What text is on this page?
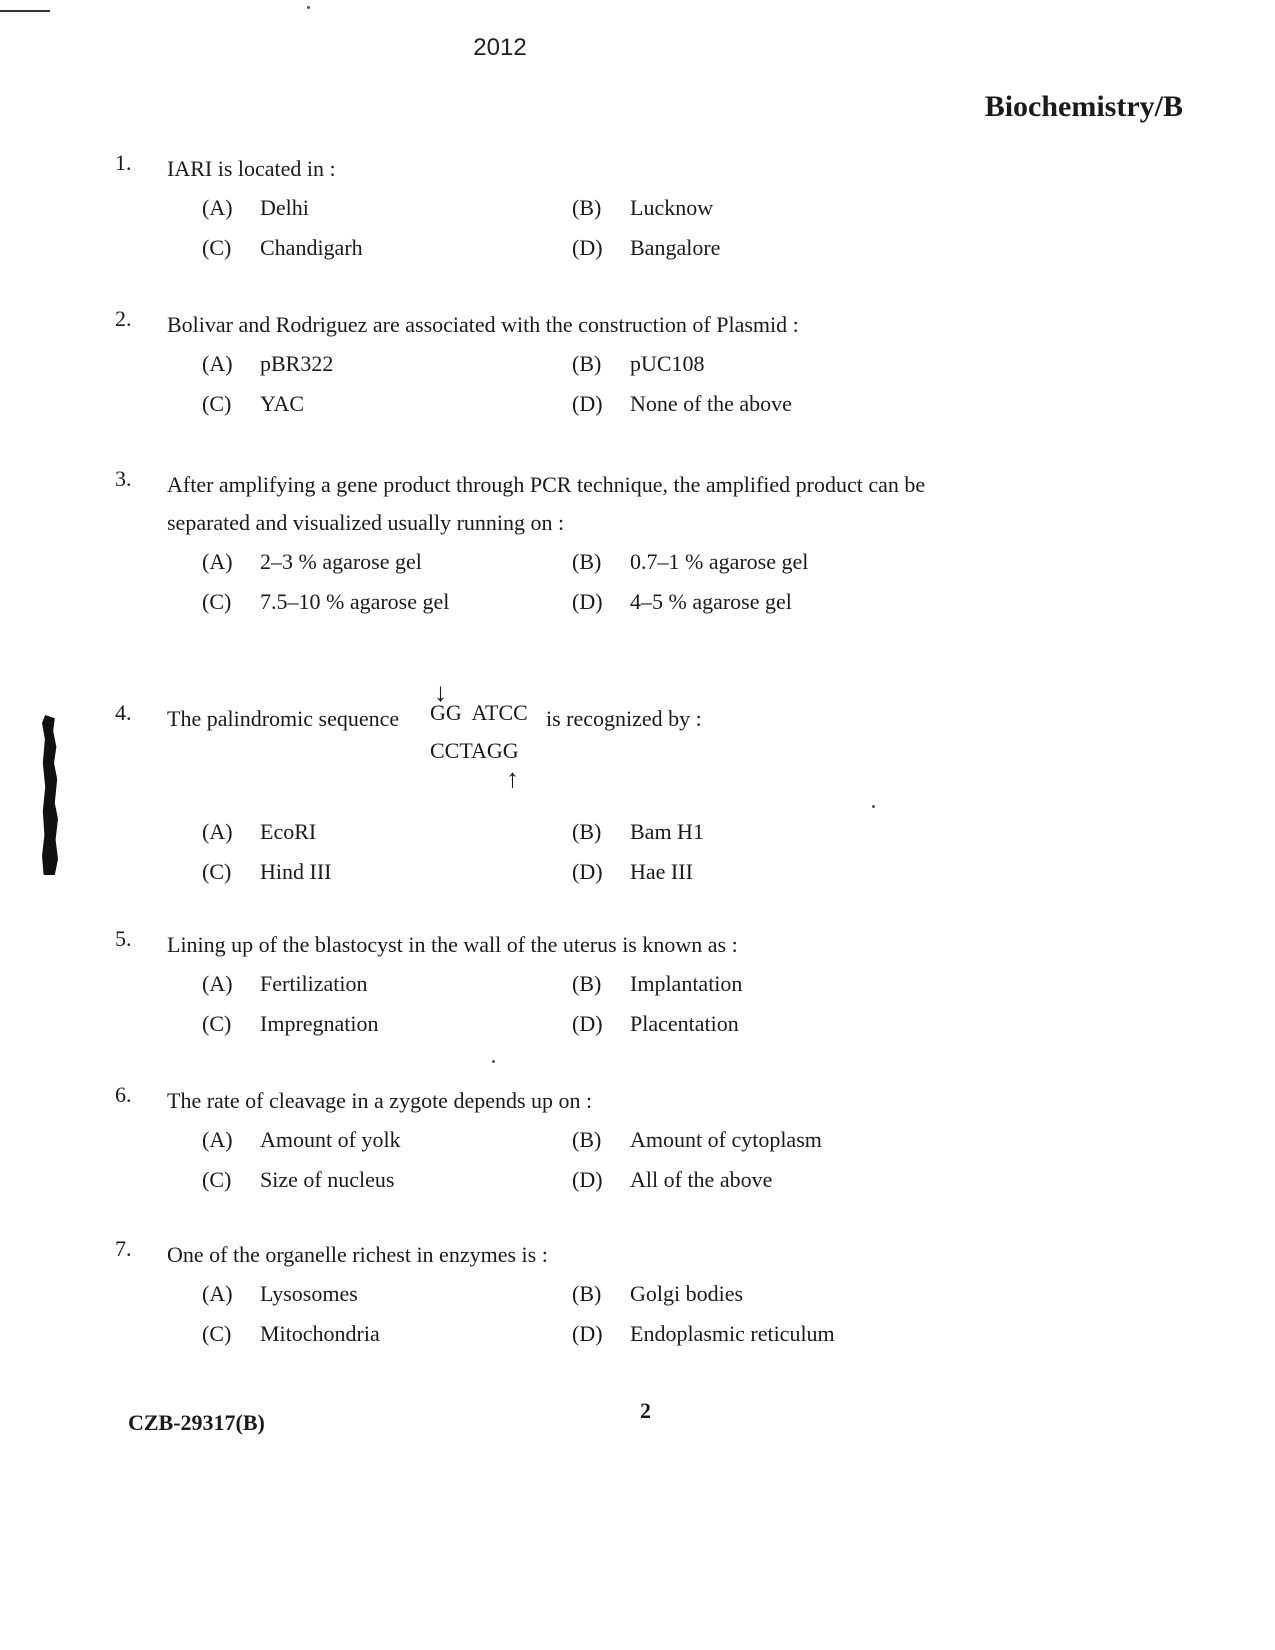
2012
Biochemistry/B
1. IARI is located in :
(A) Delhi	(B) Lucknow
(C) Chandigarh	(D) Bangalore
2. Bolivar and Rodriguez are associated with the construction of Plasmid :
(A) pBR322	(B) pUC108
(C) YAC	(D) None of the above
3. After amplifying a gene product through PCR technique, the amplified product can be separated and visualized usually running on :
(A) 2–3 % agarose gel	(B) 0.7–1 % agarose gel
(C) 7.5–10 % agarose gel	(D) 4–5 % agarose gel
4. The palindromic sequence
↓
GG  ATCC
CCTAGG
↑
is recognized by :
(A) EcoRI	(B) Bam H1
(C) Hind III	(D) Hae III
5. Lining up of the blastocyst in the wall of the uterus is known as :
(A) Fertilization	(B) Implantation
(C) Impregnation	(D) Placentation
6. The rate of cleavage in a zygote depends up on :
(A) Amount of yolk	(B) Amount of cytoplasm
(C) Size of nucleus	(D) All of the above
7. One of the organelle richest in enzymes is :
(A) Lysosomes	(B) Golgi bodies
(C) Mitochondria	(D) Endoplasmic reticulum
CZB-29317(B)	2
